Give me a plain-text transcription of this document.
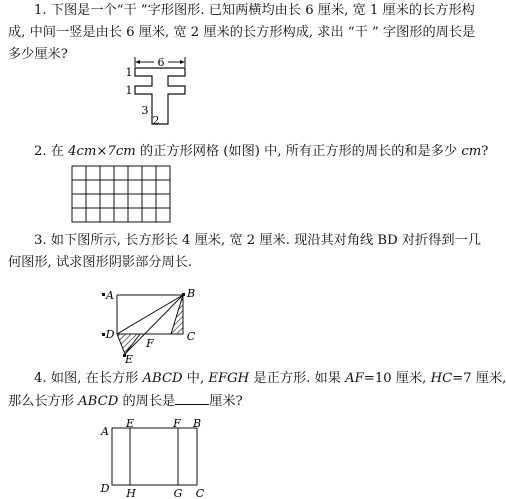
1. 下图是一个“干 ”字形图形. 已知两横均由长 6 厘米, 宽 1 厘米的长方形构
成, 中间一竖是由长 6 厘米, 宽 2 厘米的长方形构成, 求出 “干 ” 字图形的周长是
多少厘米?
6
1
1
3
2
2. 在 4cm×7cm 的正方形网格 (如图) 中, 所有正方形的周长的和是多少 cm?
3. 如下图所示, 长方形长 4 厘米, 宽 2 厘米. 现沿其对角线 BD 对折得到一几
何图形, 试求图形阴影部分周长.
A	B
C
D
E
F
4. 如图, 在长方形 ABCD 中, EFGH 是正方形. 如果 AF=10 厘米, HC=7 厘米,
那么长方形 ABCD 的周长是	厘米?
A
E	F B
D H	G C
